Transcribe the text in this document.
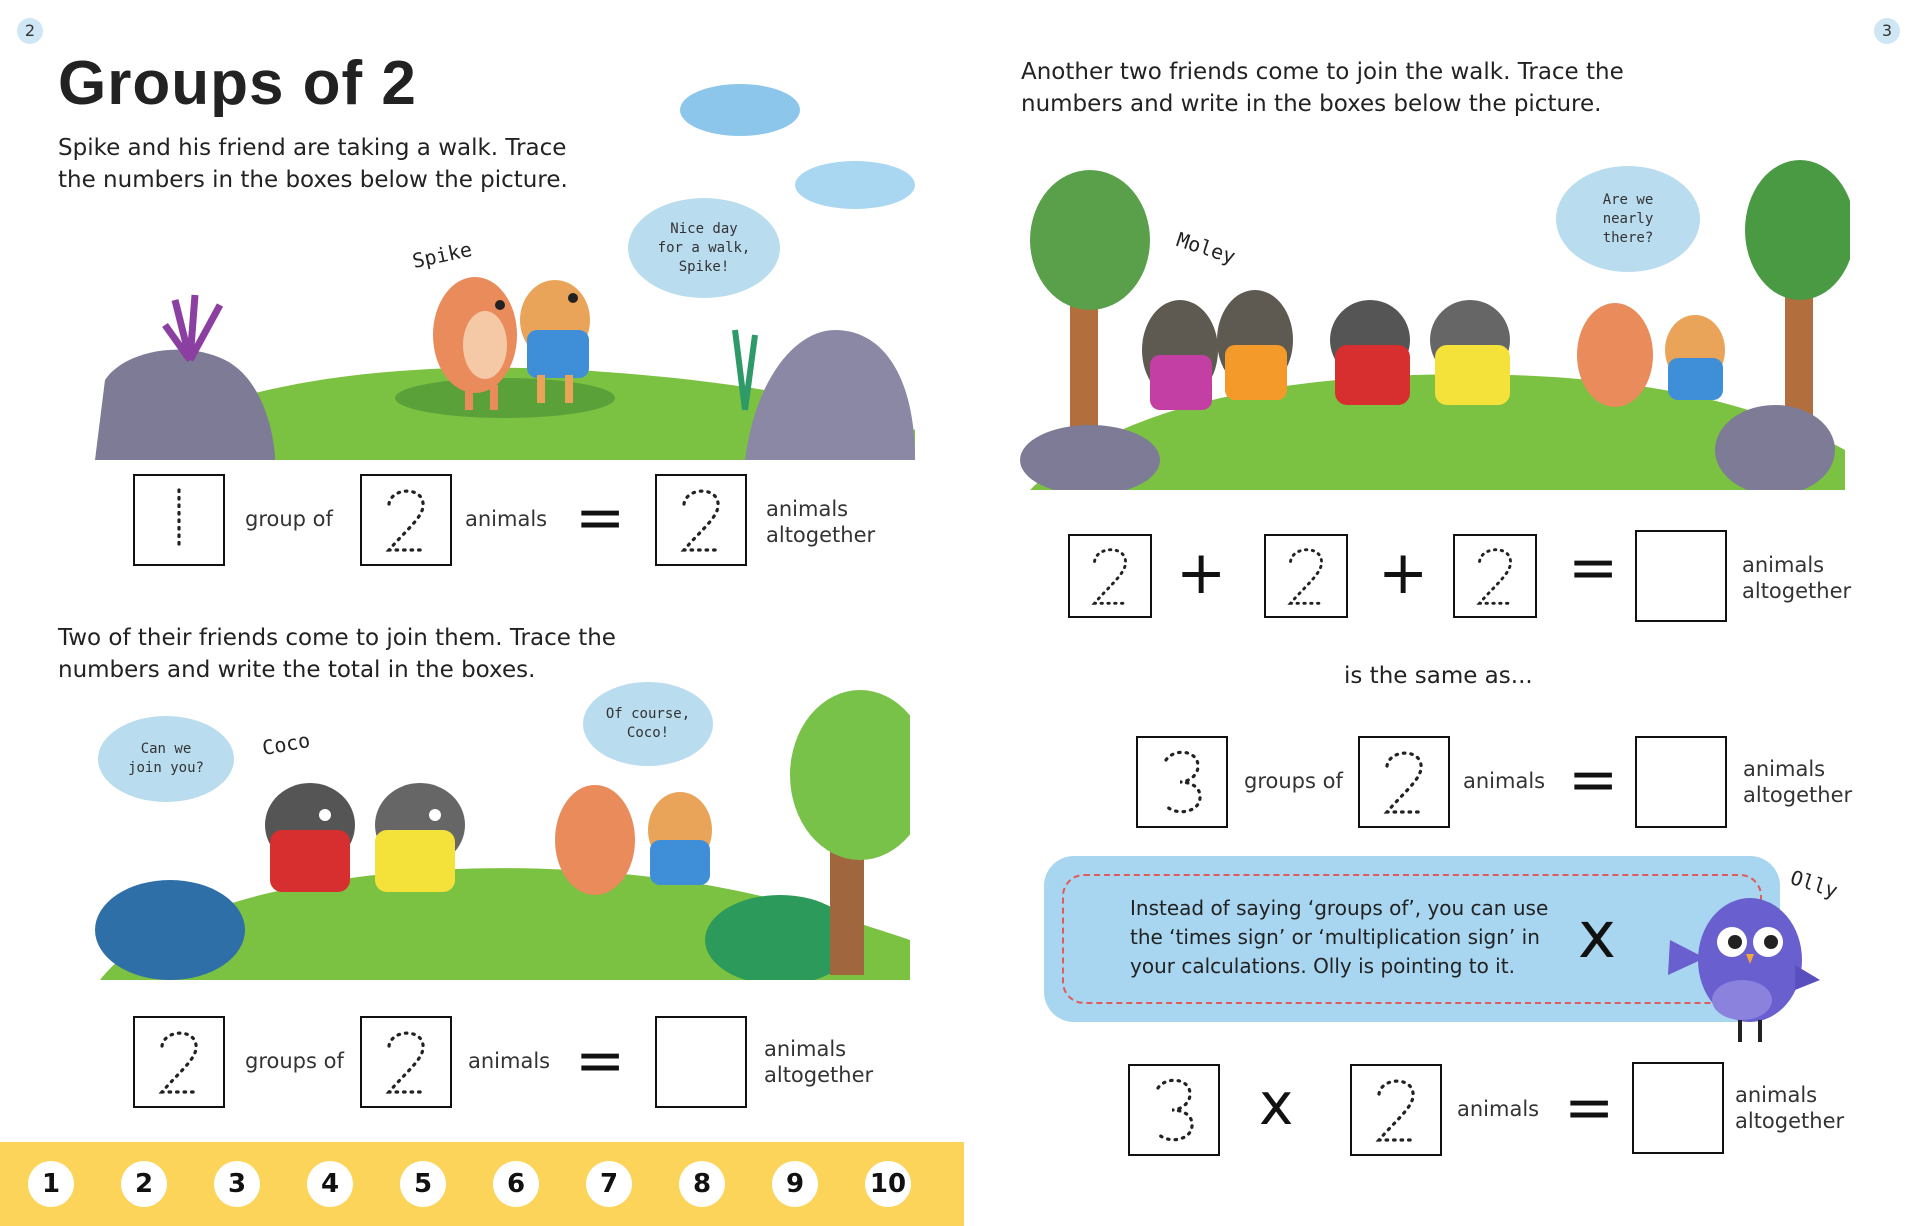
2
Groups of 2
Spike and his friend are taking a walk. Trace
the numbers in the boxes below the picture.
Spike
Nice day
for a walk,
Spike!
group of	animals =	animals
altogether
Two of their friends come to join them. Trace the
numbers and write the total in the boxes.
Can we
join you?
Coco
Of course,
Coco!
groups of	animals =	animals
altogether
1	2	3	4	5	6	7	8	9	10
3
Another two friends come to join the walk. Trace the
numbers and write in the boxes below the picture.
Moley
Are we
nearly
there?
+	+ =	animals
altogether
is the same as...
groups of	animals =	animals
altogether
Instead of saying ‘groups of’, you can use
the ‘times sign’ or ‘multiplication sign’ in
your calculations. Olly is pointing to it. x
Olly
x	animals =	animals
altogether
